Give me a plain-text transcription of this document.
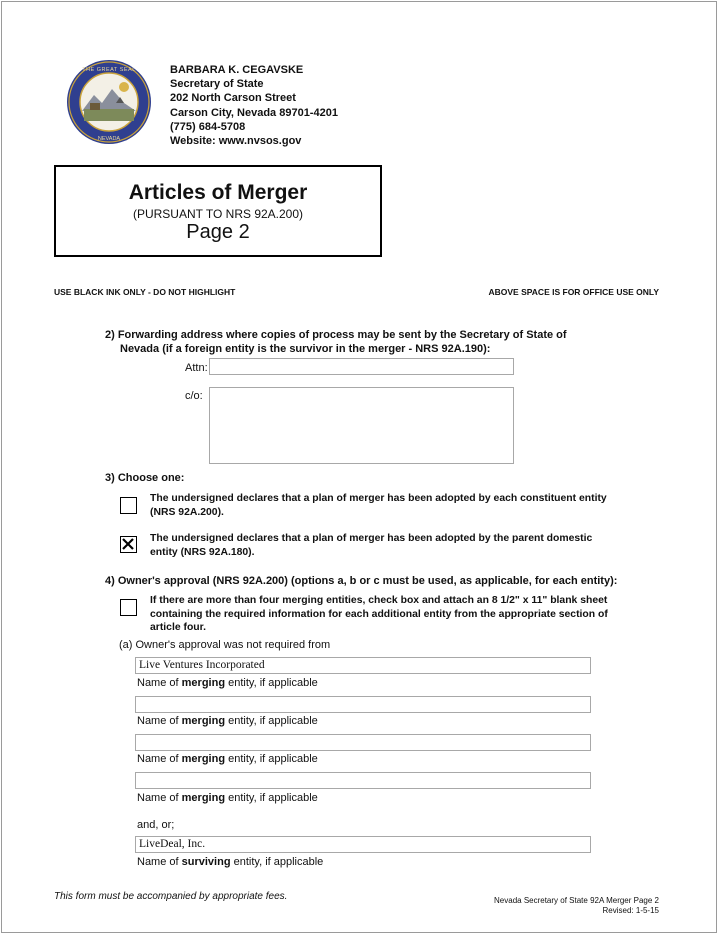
THE GREAT SEAL
NEVADA
BARBARA K. CEGAVSKE
Secretary of State
202 North Carson Street
Carson City, Nevada 89701-4201
(775) 684-5708
Website: www.nvsos.gov
Articles of Merger
(PURSUANT TO NRS 92A.200)
Page 2
USE BLACK INK ONLY - DO NOT HIGHLIGHT	ABOVE SPACE IS FOR OFFICE USE ONLY
2) Forwarding address where copies of process may be sent by the Secretary of State of
Nevada (if a foreign entity is the survivor in the merger - NRS 92A.190):
Attn:
c/o:
3) Choose one:
The undersigned declares that a plan of merger has been adopted by each constituent entity
(NRS 92A.200).
The undersigned declares that a plan of merger has been adopted by the parent domestic
entity (NRS 92A.180).
4) Owner's approval (NRS 92A.200) (options a, b or c must be used, as applicable, for each entity):
If there are more than four merging entities, check box and attach an 8 1/2" x 11" blank sheet
containing the required information for each additional entity from the appropriate section of
article four.
(a) Owner's approval was not required from
Live Ventures Incorporated
Name of merging entity, if applicable
Name of merging entity, if applicable
Name of merging entity, if applicable
Name of merging entity, if applicable
and, or;
LiveDeal, Inc.
Name of surviving entity, if applicable
This form must be accompanied by appropriate fees.	Nevada Secretary of State 92A Merger Page 2
Revised: 1-5-15
